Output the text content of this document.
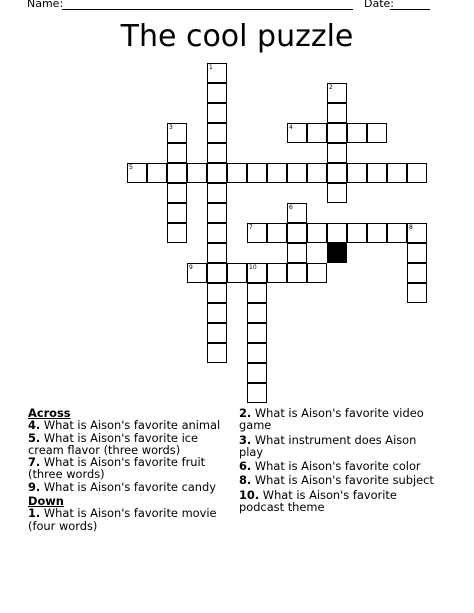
Name:	Date:
The cool puzzle
1
2
3	4
5
6
7	8
9	10
Across
4. What is Aison's favorite animal
5. What is Aison's favorite ice cream flavor (three words)
7. What is Aison's favorite fruit (three words)
9. What is Aison's favorite candy
Down
1. What is Aison's favorite movie (four words)
2. What is Aison's favorite video game
3. What instrument does Aison play
6. What is Aison's favorite color
8. What is Aison's favorite subject
10. What is Aison's favorite podcast theme
